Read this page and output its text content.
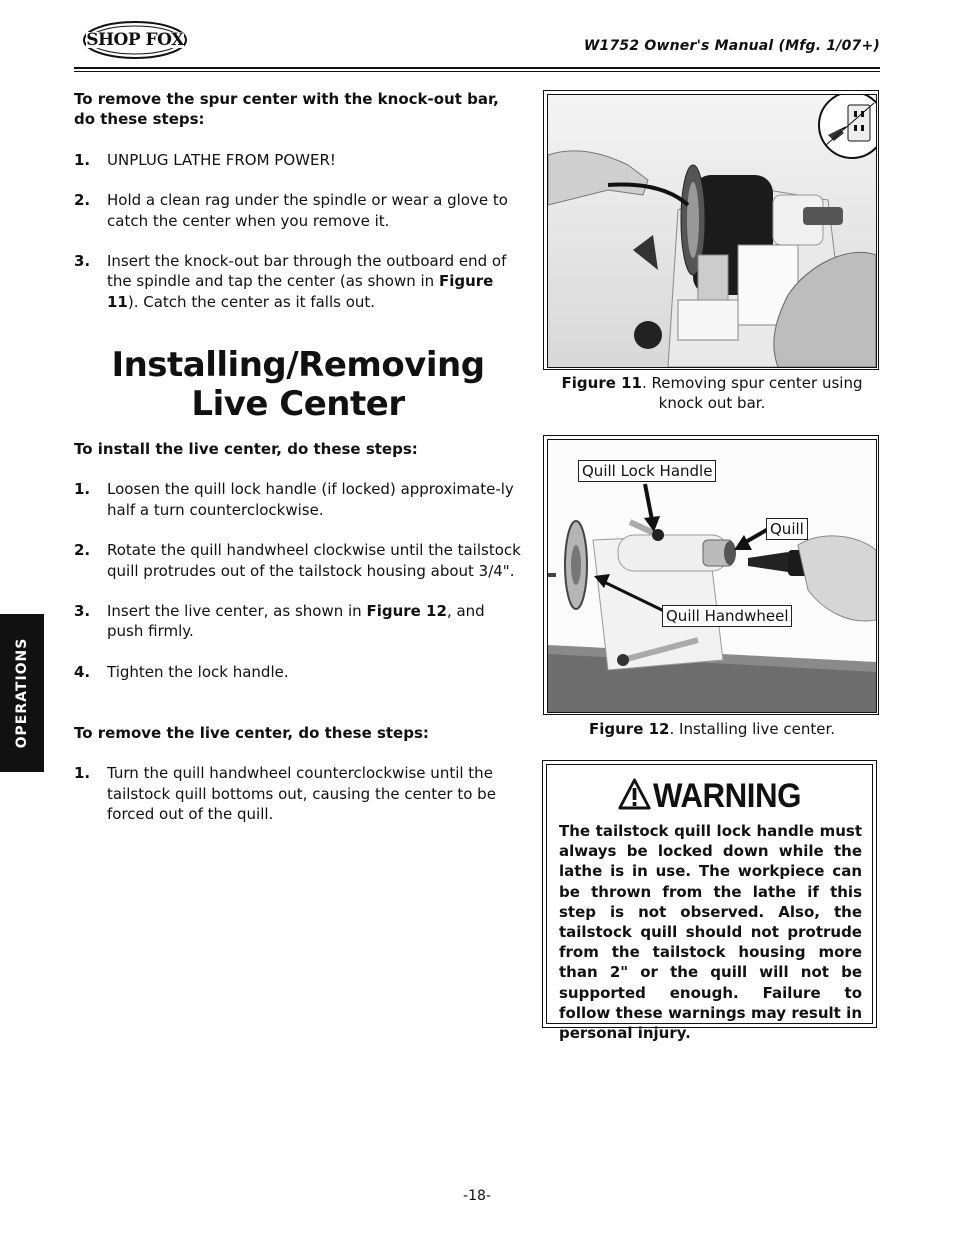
SHOP FOX	W1752 Owner's Manual (Mfg. 1/07+)
OPERATIONS
To remove the spur center with the knock-out bar, do these steps:
1. UNPLUG LATHE FROM POWER!
2. Hold a clean rag under the spindle or wear a glove to catch the center when you remove it.
3. Insert the knock-out bar through the outboard end of the spindle and tap the center (as shown in Figure 11). Catch the center as it falls out.
Installing/Removing
Live Center
To install the live center, do these steps:
1. Loosen the quill lock handle (if locked) approximate-ly half a turn counterclockwise.
2. Rotate the quill handwheel clockwise until the tailstock quill protrudes out of the tailstock housing about 3/4".
3. Insert the live center, as shown in Figure 12, and push firmly.
4. Tighten the lock handle.
To remove the live center, do these steps:
1. Turn the quill handwheel counterclockwise until the tailstock quill bottoms out, causing the center to be forced out of the quill.
Figure 11. Removing spur center using knock out bar.
Quill Lock Handle
Quill
Quill Handwheel
Figure 12. Installing live center.
WARNING
The tailstock quill lock handle must always be locked down while the lathe is in use. The workpiece can be thrown from the lathe if this step is not observed. Also, the tailstock quill should not protrude from the tailstock housing more than 2" or the quill will not be supported enough. Failure to follow these warnings may result in personal injury.
-18-
